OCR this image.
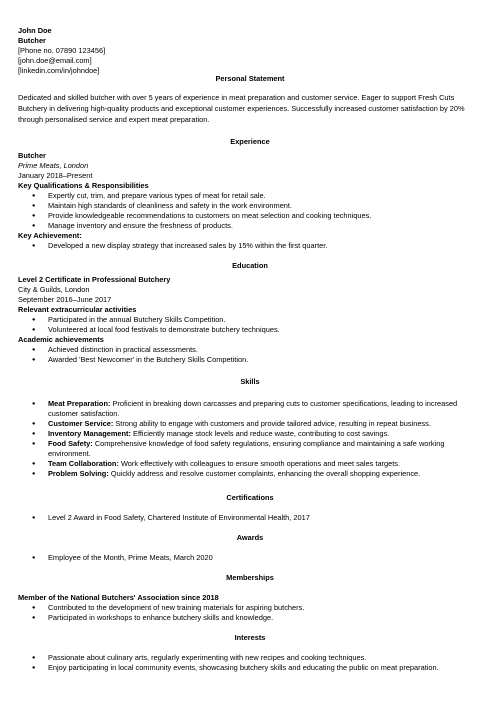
John Doe
Butcher
[Phone no. 07890 123456]
[john.doe@email.com]
[linkedin.com/in/johndoe]
Personal Statement
Dedicated and skilled butcher with over 5 years of experience in meat preparation and customer service. Eager to support Fresh Cuts Butchery in delivering high-quality products and exceptional customer experiences. Successfully increased customer satisfaction by 20% through personalised service and expert meat preparation.
Experience
Butcher
Prime Meats, London
January 2018–Present
Key Qualifications & Responsibilities
● Expertly cut, trim, and prepare various types of meat for retail sale.
● Maintain high standards of cleanliness and safety in the work environment.
● Provide knowledgeable recommendations to customers on meat selection and cooking techniques.
● Manage inventory and ensure the freshness of products.
Key Achievement:
● Developed a new display strategy that increased sales by 15% within the first quarter.
Education
Level 2 Certificate in Professional Butchery
City & Guilds, London
September 2016–June 2017
Relevant extracurricular activities
● Participated in the annual Butchery Skills Competition.
● Volunteered at local food festivals to demonstrate butchery techniques.
Academic achievements
● Achieved distinction in practical assessments.
● Awarded 'Best Newcomer' in the Butchery Skills Competition.
Skills
● Meat Preparation: Proficient in breaking down carcasses and preparing cuts to customer specifications, leading to increased customer satisfaction.
● Customer Service: Strong ability to engage with customers and provide tailored advice, resulting in repeat business.
● Inventory Management: Efficiently manage stock levels and reduce waste, contributing to cost savings.
● Food Safety: Comprehensive knowledge of food safety regulations, ensuring compliance and maintaining a safe working environment.
● Team Collaboration: Work effectively with colleagues to ensure smooth operations and meet sales targets.
● Problem Solving: Quickly address and resolve customer complaints, enhancing the overall shopping experience.
Certifications
● Level 2 Award in Food Safety, Chartered Institute of Environmental Health, 2017
Awards
● Employee of the Month, Prime Meats, March 2020
Memberships
Member of the National Butchers' Association since 2018
● Contributed to the development of new training materials for aspiring butchers.
● Participated in workshops to enhance butchery skills and knowledge.
Interests
● Passionate about culinary arts, regularly experimenting with new recipes and cooking techniques.
● Enjoy participating in local community events, showcasing butchery skills and educating the public on meat preparation.
